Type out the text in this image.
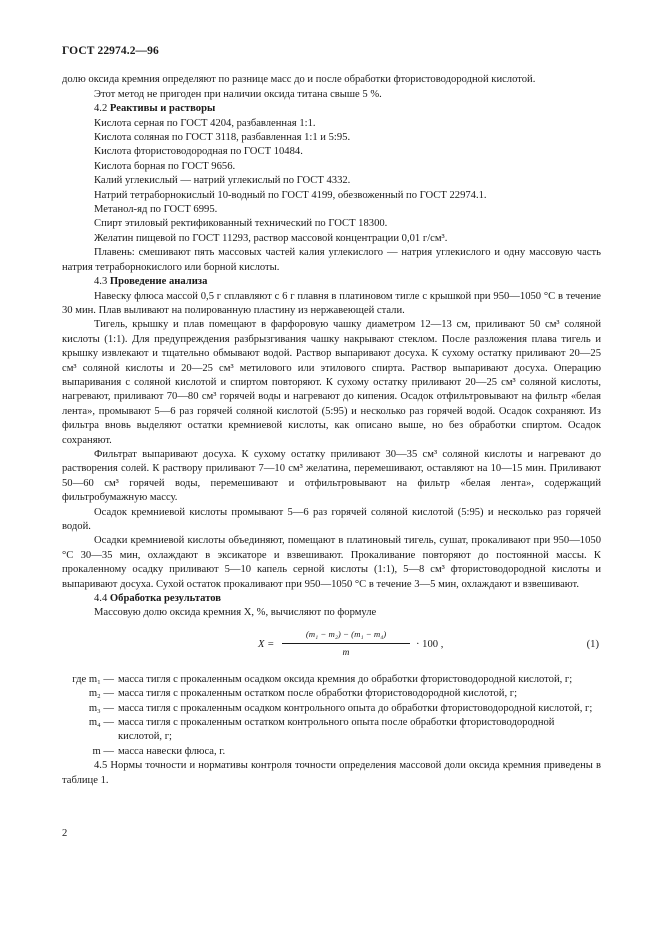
ГОСТ 22974.2—96

долю оксида кремния определяют по разнице масс до и после обработки фтористоводородной кислотой.

Этот метод не пригоден при наличии оксида титана свыше 5 %.

4.2 Реактивы и растворы

Кислота серная по ГОСТ 4204, разбавленная 1:1.

Кислота соляная по ГОСТ 3118, разбавленная 1:1 и 5:95.

Кислота фтористоводородная по ГОСТ 10484.

Кислота борная по ГОСТ 9656.

Калий углекислый — натрий углекислый по ГОСТ 4332.

Натрий тетраборнокислый 10-водный по ГОСТ 4199, обезвоженный по ГОСТ 22974.1.

Метанол-яд по ГОСТ 6995.

Спирт этиловый ректификованный технический по ГОСТ 18300.

Желатин пищевой по ГОСТ 11293, раствор массовой концентрации 0,01 г/см³.

Плавень: смешивают пять массовых частей калия углекислого — натрия углекислого и одну массовую часть натрия тетраборнокислого или борной кислоты.

4.3 Проведение анализа

Навеску флюса массой 0,5 г сплавляют с 6 г плавня в платиновом тигле с крышкой при 950—1050 °С в течение 30 мин. Плав выливают на полированную пластину из нержавеющей стали.

Тигель, крышку и плав помещают в фарфоровую чашку диаметром 12—13 см, приливают 50 см³ соляной кислоты (1:1). Для предупреждения разбрызгивания чашку накрывают стеклом. После разложения плава тигель и крышку извлекают и тщательно обмывают водой. Раствор выпаривают досуха. К сухому остатку приливают 20—25 см³ соляной кислоты и 20—25 см³ метилового или этилового спирта. Раствор выпаривают досуха. Операцию выпаривания с соляной кислотой и спиртом повторяют. К сухому остатку приливают 20—25 см³ соляной кислоты, нагревают, приливают 70—80 см³ горячей воды и нагревают до кипения. Осадок отфильтровывают на фильтр «белая лента», промывают 5—6 раз горячей соляной кислотой (5:95) и несколько раз горячей водой. Осадок сохраняют. Из фильтра вновь выделяют остатки кремниевой кислоты, как описано выше, но без обработки спиртом. Осадок сохраняют.

Фильтрат выпаривают досуха. К сухому остатку приливают 30—35 см³ соляной кислоты и нагревают до растворения солей. К раствору приливают 7—10 см³ желатина, перемешивают, оставляют на 10—15 мин. Приливают 50—60 см³ горячей воды, перемешивают и отфильтровывают на фильтр «белая лента», содержащий фильтробумажную массу.

Осадок кремниевой кислоты промывают 5—6 раз горячей соляной кислотой (5:95) и несколько раз горячей водой.

Осадки кремниевой кислоты объединяют, помещают в платиновый тигель, сушат, прокаливают при 950—1050 °С 30—35 мин, охлаждают в эксикаторе и взвешивают. Прокаливание повторяют до постоянной массы. К прокаленному осадку приливают 5—10 капель серной кислоты (1:1), 5—8 см³ фтористоводородной кислоты и выпаривают досуха. Сухой остаток прокаливают при 950—1050 °С в течение 3—5 мин, охлаждают и взвешивают.

4.4 Обработка результатов

Массовую долю оксида кремния X, %, вычисляют по формуле

$X = \frac{\text{(m₁ − m₂) − (m₁ − m₄)}}{m} \cdot 100$ ,	(1)
где m₁ — масса тигля с прокаленным осадком оксида кремния до обработки фтористоводородной кислотой, г;
m₂ — масса тигля с прокаленным остатком после обработки фтористоводородной кислотой, г;
m₃ — масса тигля с прокаленным осадком контрольного опыта до обработки фтористоводородной кислотой, г;
m₄ — масса тигля с прокаленным остатком контрольного опыта после обработки фтористоводородной кислотой, г;
m — масса навески флюса, г.

4.5 Нормы точности и нормативы контроля точности определения массовой доли оксида кремния приведены в таблице 1.

2
